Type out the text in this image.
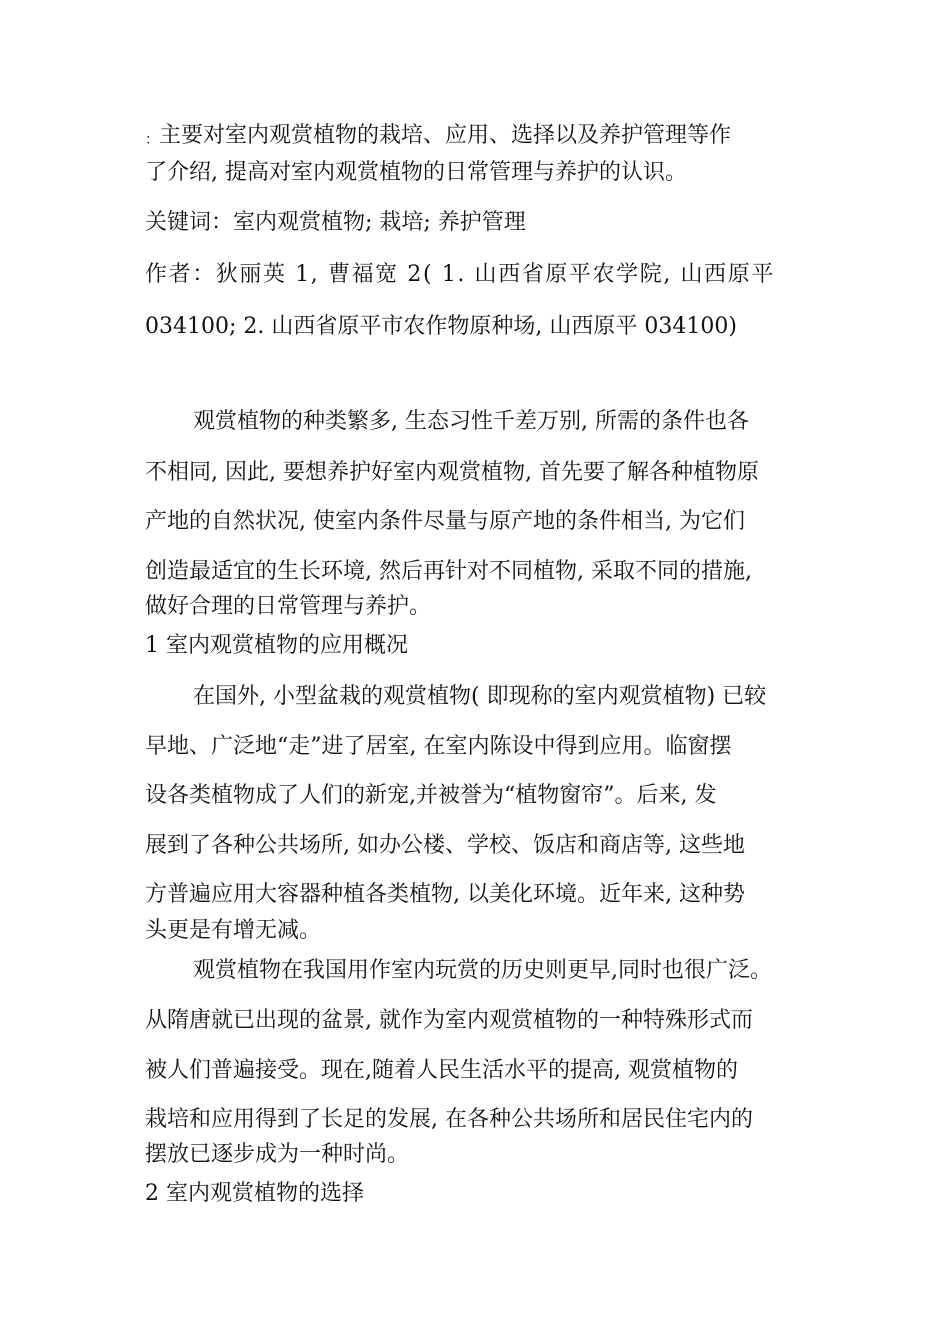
：主要对室内观赏植物的栽培、应用、选择以及养护管理等作
了介绍, 提高对室内观赏植物的日常管理与养护的认识。
关键词：室内观赏植物; 栽培; 养护管理
作者：狄丽英 1, 曹福宽 2( 1. 山西省原平农学院, 山西原平
034100; 2. 山西省原平市农作物原种场, 山西原平 034100)
观赏植物的种类繁多, 生态习性千差万别, 所需的条件也各
不相同, 因此, 要想养护好室内观赏植物, 首先要了解各种植物原
产地的自然状况, 使室内条件尽量与原产地的条件相当, 为它们
创造最适宜的生长环境, 然后再针对不同植物, 采取不同的措施,
做好合理的日常管理与养护。
1 室内观赏植物的应用概况
在国外, 小型盆栽的观赏植物( 即现称的室内观赏植物) 已较
早地、广泛地“走”进了居室, 在室内陈设中得到应用。临窗摆
设各类植物成了人们的新宠,并被誉为“植物窗帘”。后来, 发
展到了各种公共场所, 如办公楼、学校、饭店和商店等, 这些地
方普遍应用大容器种植各类植物, 以美化环境。近年来, 这种势
头更是有增无减。
观赏植物在我国用作室内玩赏的历史则更早,同时也很广泛。
从隋唐就已出现的盆景, 就作为室内观赏植物的一种特殊形式而
被人们普遍接受。现在,随着人民生活水平的提高, 观赏植物的
栽培和应用得到了长足的发展, 在各种公共场所和居民住宅内的
摆放已逐步成为一种时尚。
2 室内观赏植物的选择
